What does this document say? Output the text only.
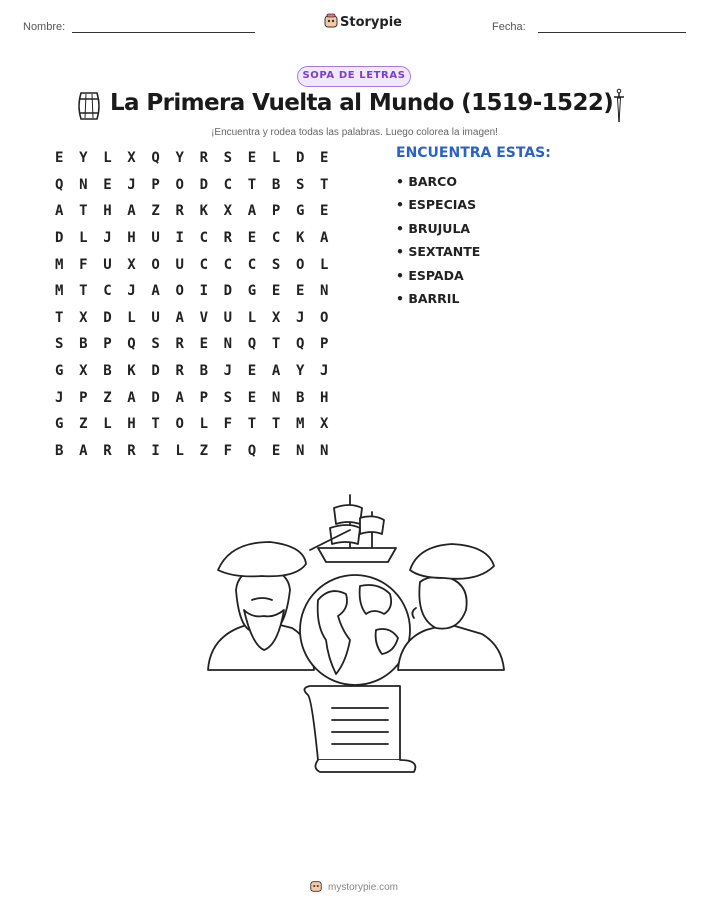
Nombre:	Storypie	Fecha:
SOPA DE LETRAS
La Primera Vuelta al Mundo (1519-1522)
¡Encuentra y rodea todas las palabras. Luego colorea la imagen!
E	Y	L	X	Q	Y	R	S	E	L	D	E
Q	N	E	J	P	O	D	C	T	B	S	T
A	T	H	A	Z	R	K	X	A	P	G	E
D	L	J	H	U	I	C	R	E	C	K	A
M	F	U	X	O	U	C	C	C	S	O	L
M	T	C	J	A	O	I	D	G	E	E	N
T	X	D	L	U	A	V	U	L	X	J	O
S	B	P	Q	S	R	E	N	Q	T	Q	P
G	X	B	K	D	R	B	J	E	A	Y	J
J	P	Z	A	D	A	P	S	E	N	B	H
G	Z	L	H	T	O	L	F	T	T	M	X
B	A	R	R	I	L	Z	F	Q	E	N	N
ENCUENTRA ESTAS:
• BARCO
• ESPECIAS
• BRUJULA
• SEXTANTE
• ESPADA
• BARRIL
mystorypie.com
